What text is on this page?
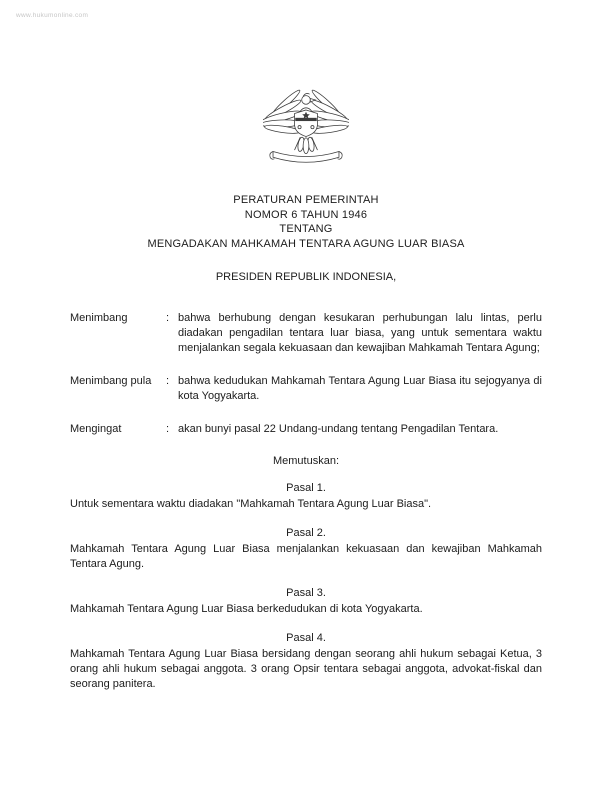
www.hukumonline.com
PERATURAN PEMERINTAH
NOMOR 6 TAHUN 1946
TENTANG
MENGADAKAN MAHKAMAH TENTARA AGUNG LUAR BIASA
PRESIDEN REPUBLIK INDONESIA,
Menimbang	: bahwa berhubung dengan kesukaran perhubungan lalu lintas, perlu diadakan pengadilan tentara luar biasa, yang untuk sementara waktu menjalankan segala kekuasaan dan kewajiban Mahkamah Tentara Agung;
Menimbang pula	: bahwa kedudukan Mahkamah Tentara Agung Luar Biasa itu sejogyanya di kota Yogyakarta.
Mengingat	: akan bunyi pasal 22 Undang-undang tentang Pengadilan Tentara.
Memutuskan:
Pasal 1.
Untuk sementara waktu diadakan "Mahkamah Tentara Agung Luar Biasa".
Pasal 2.
Mahkamah Tentara Agung Luar Biasa menjalankan kekuasaan dan kewajiban Mahkamah Tentara Agung.
Pasal 3.
Mahkamah Tentara Agung Luar Biasa berkedudukan di kota Yogyakarta.
Pasal 4.
Mahkamah Tentara Agung Luar Biasa bersidang dengan seorang ahli hukum sebagai Ketua, 3 orang ahli hukum sebagai anggota. 3 orang Opsir tentara sebagai anggota, advokat-fiskal dan seorang panitera.
